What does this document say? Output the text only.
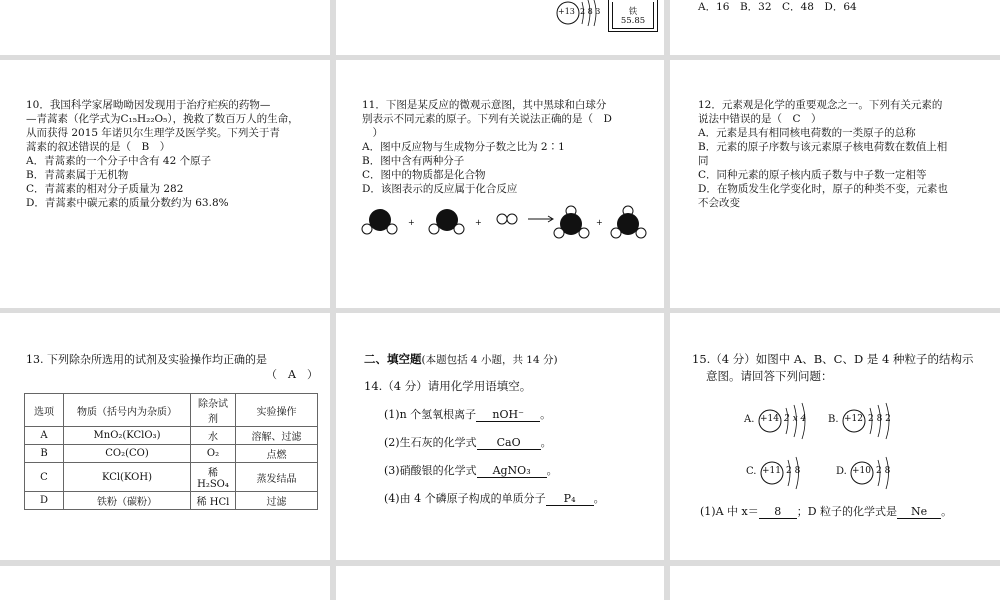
+13 2 8 3	铁
55.85
A．16　B．32　C．48　D．64

10．我国科学家屠呦呦因发现用于治疗疟疾的药物—

—青蒿素（化学式为C₁₅H₂₂O₅），挽救了数百万人的生命，

从而获得 2015 年诺贝尔生理学及医学奖。下列关于青

蒿素的叙述错误的是（　B　）

A．青蒿素的一个分子中含有 42 个原子

B．青蒿素属于无机物

C．青蒿素的相对分子质量为 282

D．青蒿素中碳元素的质量分数约为 63.8%

11．下图是某反应的微观示意图，其中黑球和白球分

别表示不同元素的原子。下列有关说法正确的是（　D

　）

A．图中反应物与生成物分子数之比为 2∶1

B．图中含有两种分子

C．图中的物质都是化合物

D．该图表示的反应属于化合反应

+	+	+

12．元素观是化学的重要观念之一。下列有关元素的

说法中错误的是（　C　）

A．元素是具有相同核电荷数的一类原子的总称

B．元素的原子序数与该元素原子核电荷数在数值上相

同

C．同种元素的原子核内质子数与中子数一定相等

D．在物质发生化学变化时，原子的种类不变，元素也

不会改变

13. 下列除杂所选用的试剂及实验操作均正确的是
（　A　）
选项	物质（括号内为杂质）	除杂试剂	实验操作
A	MnO₂(KClO₃)	水	溶解、过滤
B	CO₂(CO)	O₂	点燃
C	KCl(KOH)	稀 H₂SO₄	蒸发结晶
D	铁粉（碳粉）	稀 HCl	过滤
二、填空题(本题包括 4 小题，共 14 分)
14.（4 分）请用化学用语填空。
(1)n 个氢氧根离子 nOH⁻ 。
(2)生石灰的化学式 CaO 。
(3)硝酸银的化学式 AgNO₃ 。
(4)由 4 个磷原子构成的单质分子 P₄ 。
15.（4 分）如图中 A、B、C、D 是 4 种粒子的结构示
意图。请回答下列问题：
A. +14 2 x 4 B. +12 2 8 2
C. +11 2 8	D. +10 2 8
(1)A 中 x＝ 8 ；D 粒子的化学式是 Ne 。
